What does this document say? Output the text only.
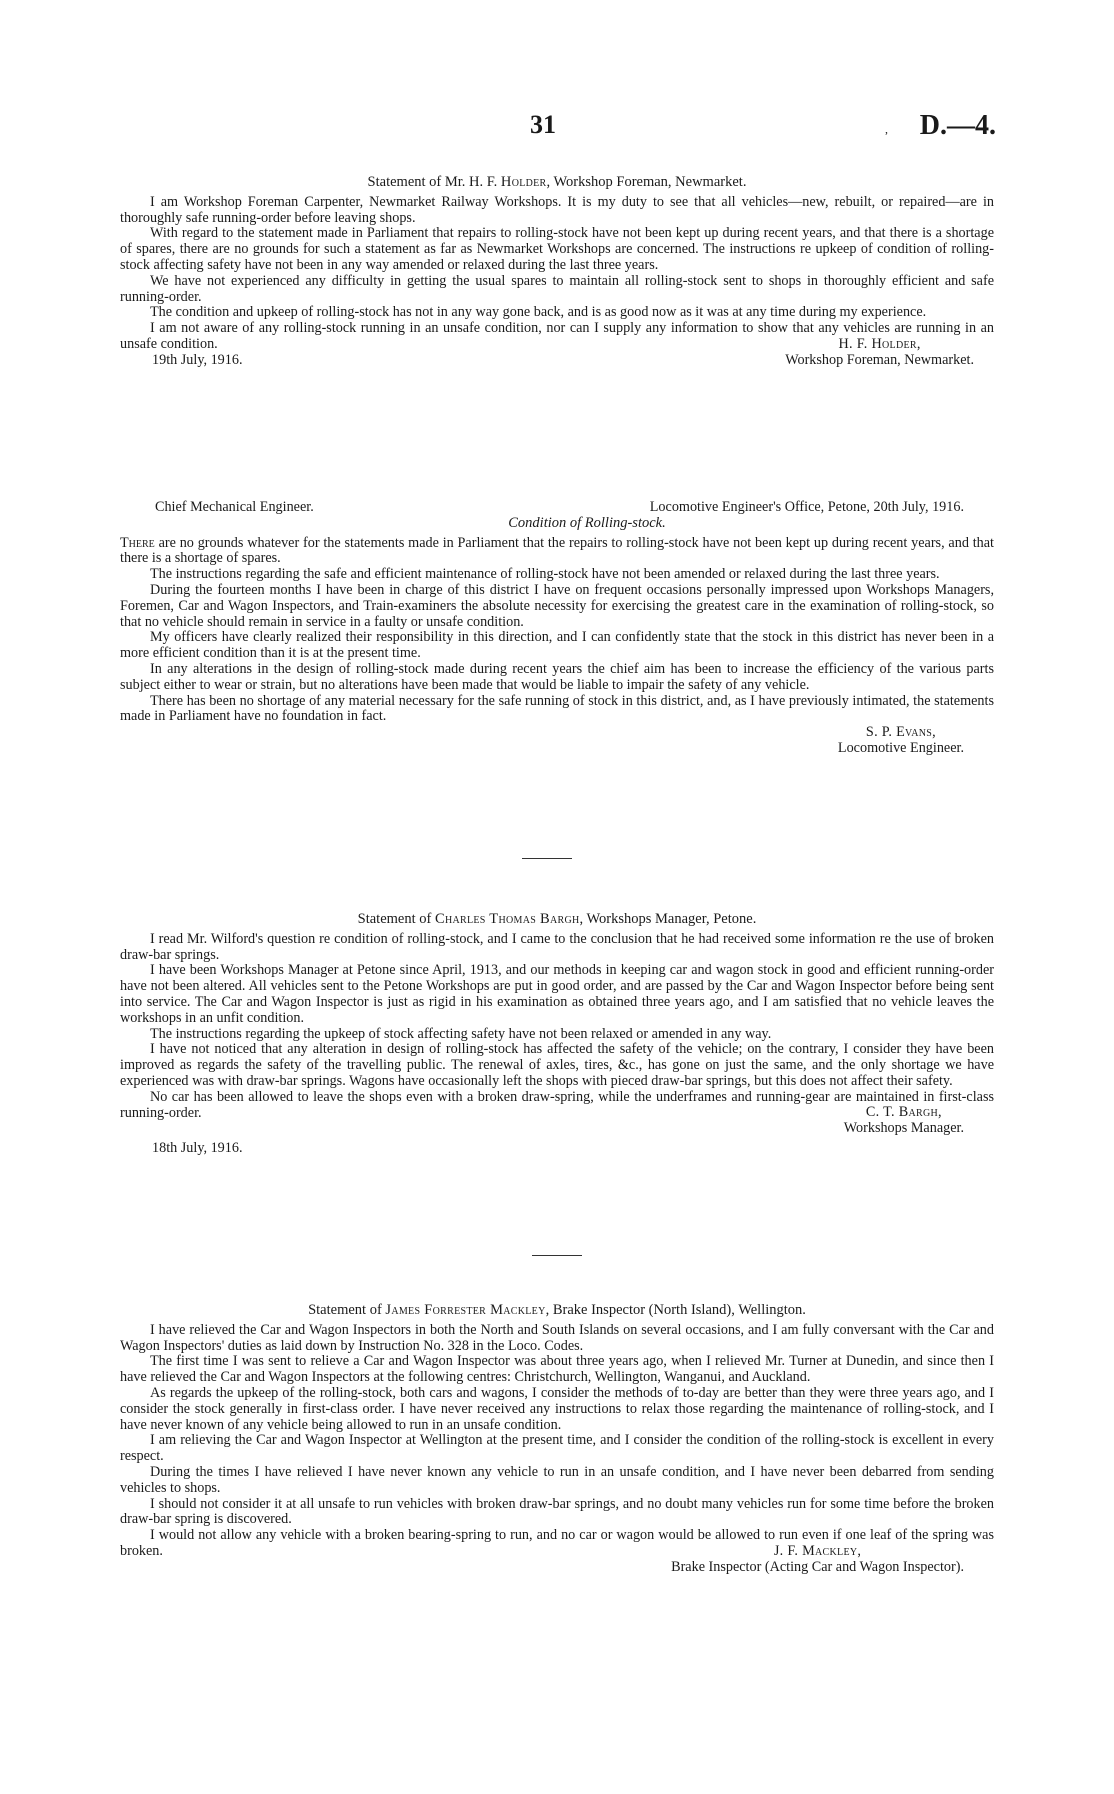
31	, D.—4.
Statement of Mr. H. F. Holder, Workshop Foreman, Newmarket.

I am Workshop Foreman Carpenter, Newmarket Railway Workshops. It is my duty to see that all vehicles—new, rebuilt, or repaired—are in thoroughly safe running-order before leaving shops.

With regard to the statement made in Parliament that repairs to rolling-stock have not been kept up during recent years, and that there is a shortage of spares, there are no grounds for such a statement as far as Newmarket Workshops are concerned. The instructions re upkeep of condition of rolling-stock affecting safety have not been in any way amended or relaxed during the last three years.

We have not experienced any difficulty in getting the usual spares to maintain all rolling-stock sent to shops in thoroughly efficient and safe running-order.

The condition and upkeep of rolling-stock has not in any way gone back, and is as good now as it was at any time during my experience.

I am not aware of any rolling-stock running in an unsafe condition, nor can I supply any information to show that any vehicles are running in an unsafe condition.

19th July, 1916.
H. F. Holder,
Workshop Foreman, Newmarket.
Chief Mechanical Engineer.	Locomotive Engineer's Office, Petone, 20th July, 1916.
Condition of Rolling-stock.

There are no grounds whatever for the statements made in Parliament that the repairs to rolling-stock have not been kept up during recent years, and that there is a shortage of spares.

The instructions regarding the safe and efficient maintenance of rolling-stock have not been amended or relaxed during the last three years.

During the fourteen months I have been in charge of this district I have on frequent occasions personally impressed upon Workshops Managers, Foremen, Car and Wagon Inspectors, and Train-examiners the absolute necessity for exercising the greatest care in the examination of rolling-stock, so that no vehicle should remain in service in a faulty or unsafe condition.

My officers have clearly realized their responsibility in this direction, and I can confidently state that the stock in this district has never been in a more efficient condition than it is at the present time.

In any alterations in the design of rolling-stock made during recent years the chief aim has been to increase the efficiency of the various parts subject either to wear or strain, but no alterations have been made that would be liable to impair the safety of any vehicle.

There has been no shortage of any material necessary for the safe running of stock in this district, and, as I have previously intimated, the statements made in Parliament have no foundation in fact.

S. P. Evans,
Locomotive Engineer.
Statement of Charles Thomas Bargh, Workshops Manager, Petone.

I read Mr. Wilford's question re condition of rolling-stock, and I came to the conclusion that he had received some information re the use of broken draw-bar springs.

I have been Workshops Manager at Petone since April, 1913, and our methods in keeping car and wagon stock in good and efficient running-order have not been altered. All vehicles sent to the Petone Workshops are put in good order, and are passed by the Car and Wagon Inspector before being sent into service. The Car and Wagon Inspector is just as rigid in his examination as obtained three years ago, and I am satisfied that no vehicle leaves the workshops in an unfit condition.

The instructions regarding the upkeep of stock affecting safety have not been relaxed or amended in any way.

I have not noticed that any alteration in design of rolling-stock has affected the safety of the vehicle; on the contrary, I consider they have been improved as regards the safety of the travelling public. The renewal of axles, tires, &c., has gone on just the same, and the only shortage we have experienced was with draw-bar springs. Wagons have occasionally left the shops with pieced draw-bar springs, but this does not affect their safety.

No car has been allowed to leave the shops even with a broken draw-spring, while the underframes and running-gear are maintained in first-class running-order.	C. T. Bargh,
Workshops Manager.
18th July, 1916.
Statement of James Forrester Mackley, Brake Inspector (North Island), Wellington.

I have relieved the Car and Wagon Inspectors in both the North and South Islands on several occasions, and I am fully conversant with the Car and Wagon Inspectors' duties as laid down by Instruction No. 328 in the Loco. Codes.

The first time I was sent to relieve a Car and Wagon Inspector was about three years ago, when I relieved Mr. Turner at Dunedin, and since then I have relieved the Car and Wagon Inspectors at the following centres: Christchurch, Wellington, Wanganui, and Auckland.

As regards the upkeep of the rolling-stock, both cars and wagons, I consider the methods of to-day are better than they were three years ago, and I consider the stock generally in first-class order. I have never received any instructions to relax those regarding the maintenance of rolling-stock, and I have never known of any vehicle being allowed to run in an unsafe condition.

I am relieving the Car and Wagon Inspector at Wellington at the present time, and I consider the condition of the rolling-stock is excellent in every respect.

During the times I have relieved I have never known any vehicle to run in an unsafe condition, and I have never been debarred from sending vehicles to shops.

I should not consider it at all unsafe to run vehicles with broken draw-bar springs, and no doubt many vehicles run for some time before the broken draw-bar spring is discovered.

I would not allow any vehicle with a broken bearing-spring to run, and no car or wagon would be allowed to run even if one leaf of the spring was broken.	J. F. Mackley,
Brake Inspector (Acting Car and Wagon Inspector).
